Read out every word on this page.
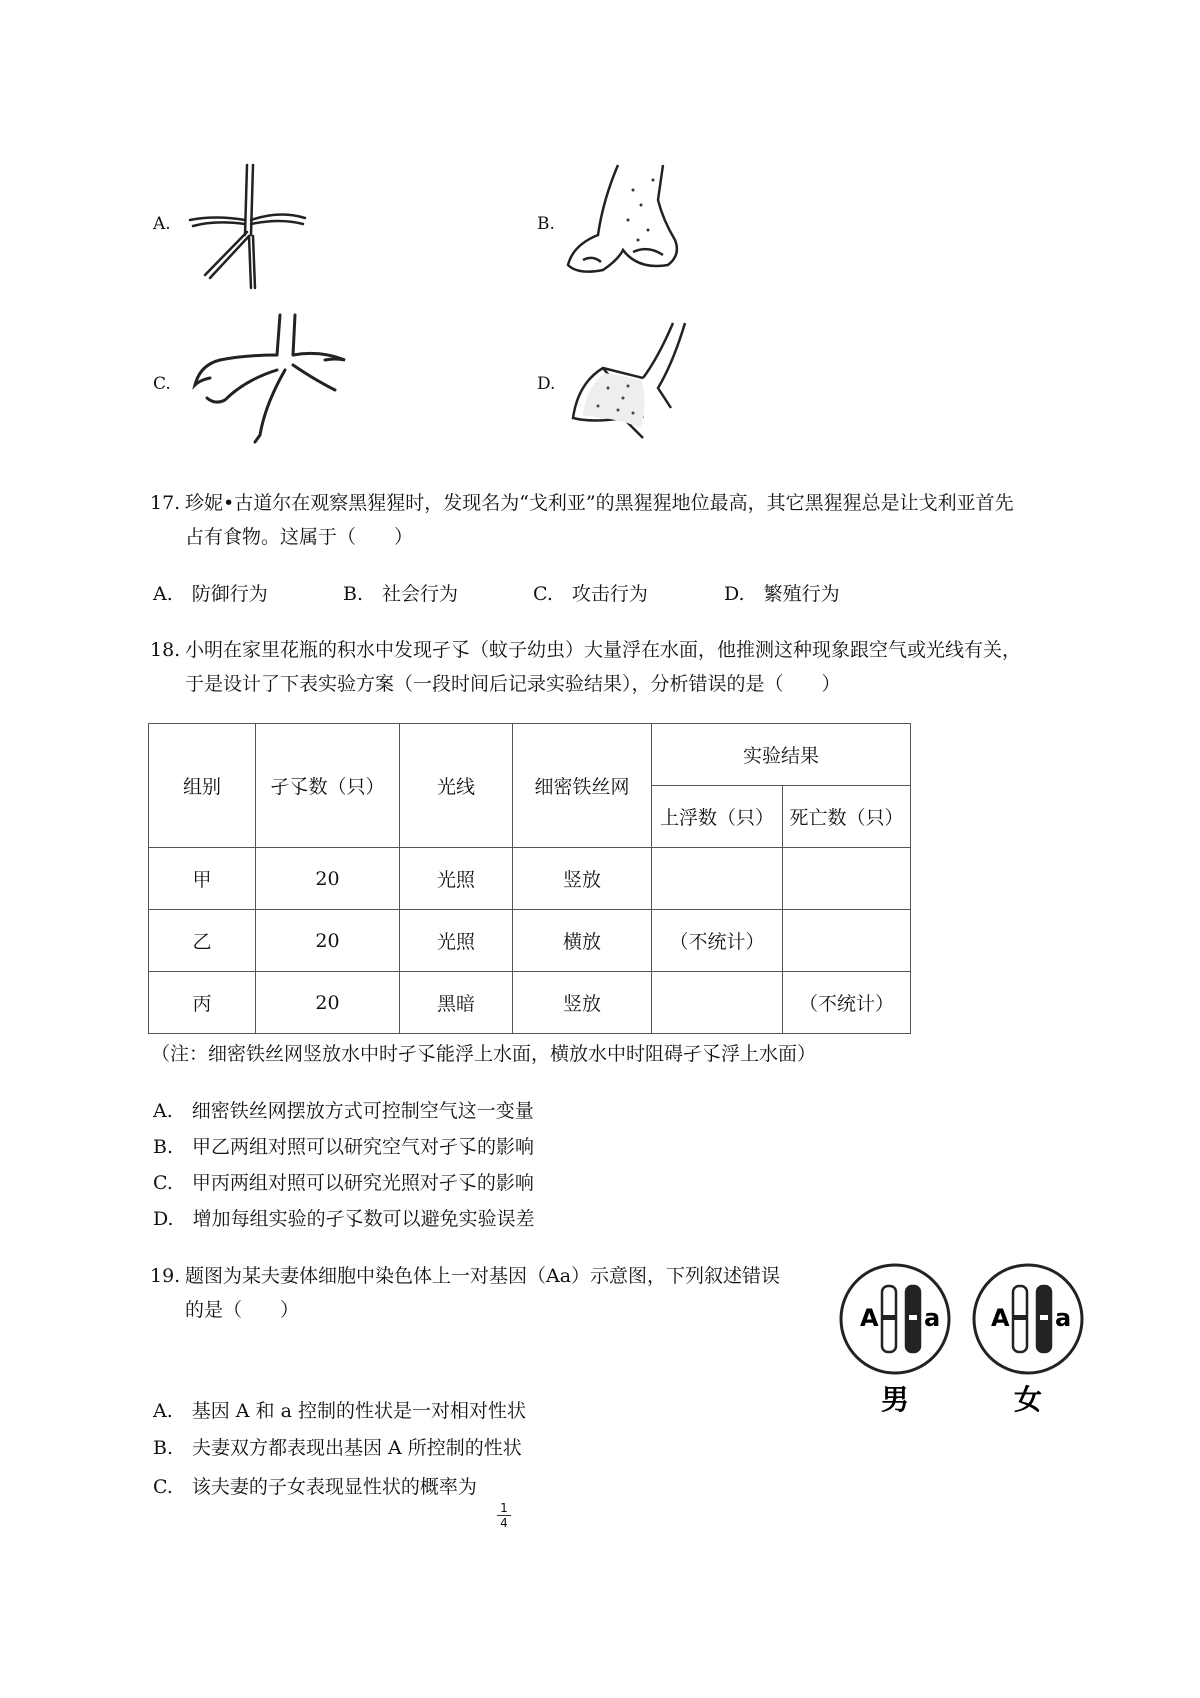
A.	B.
C.	D.
17. 珍妮•古道尔在观察黑猩猩时，发现名为“戈利亚”的黑猩猩地位最高，其它黑猩猩总是让戈利亚首先
占有食物。这属于（　　）
A.　防御行为	B.　社会行为	C.　攻击行为	D.　繁殖行为
18. 小明在家里花瓶的积水中发现孑孓（蚊子幼虫）大量浮在水面，他推测这种现象跟空气或光线有关，
于是设计了下表实验方案（一段时间后记录实验结果），分析错误的是（　　）
组别	孑孓数（只）	光线	细密铁丝网	实验结果	
				上浮数（只）	死亡数（只）
甲	20	光照	竖放		
乙	20	光照	横放	（不统计）	
丙	20	黑暗	竖放		（不统计）
（注：细密铁丝网竖放水中时孑孓能浮上水面，横放水中时阻碍孑孓浮上水面）
A.　细密铁丝网摆放方式可控制空气这一变量
B.　甲乙两组对照可以研究空气对孑孓的影响
C.　甲丙两组对照可以研究光照对孑孓的影响
D.　增加每组实验的孑孓数可以避免实验误差
19. 题图为某夫妻体细胞中染色体上一对基因（Aa）示意图，下列叙述错误
的是（　　）	A a A a
男	女
A.　基因 A 和 a 控制的性状是一对相对性状
B.　夫妻双方都表现出基因 A 所控制的性状
C.　该夫妻的子女表现显性状的概率为
1
4
